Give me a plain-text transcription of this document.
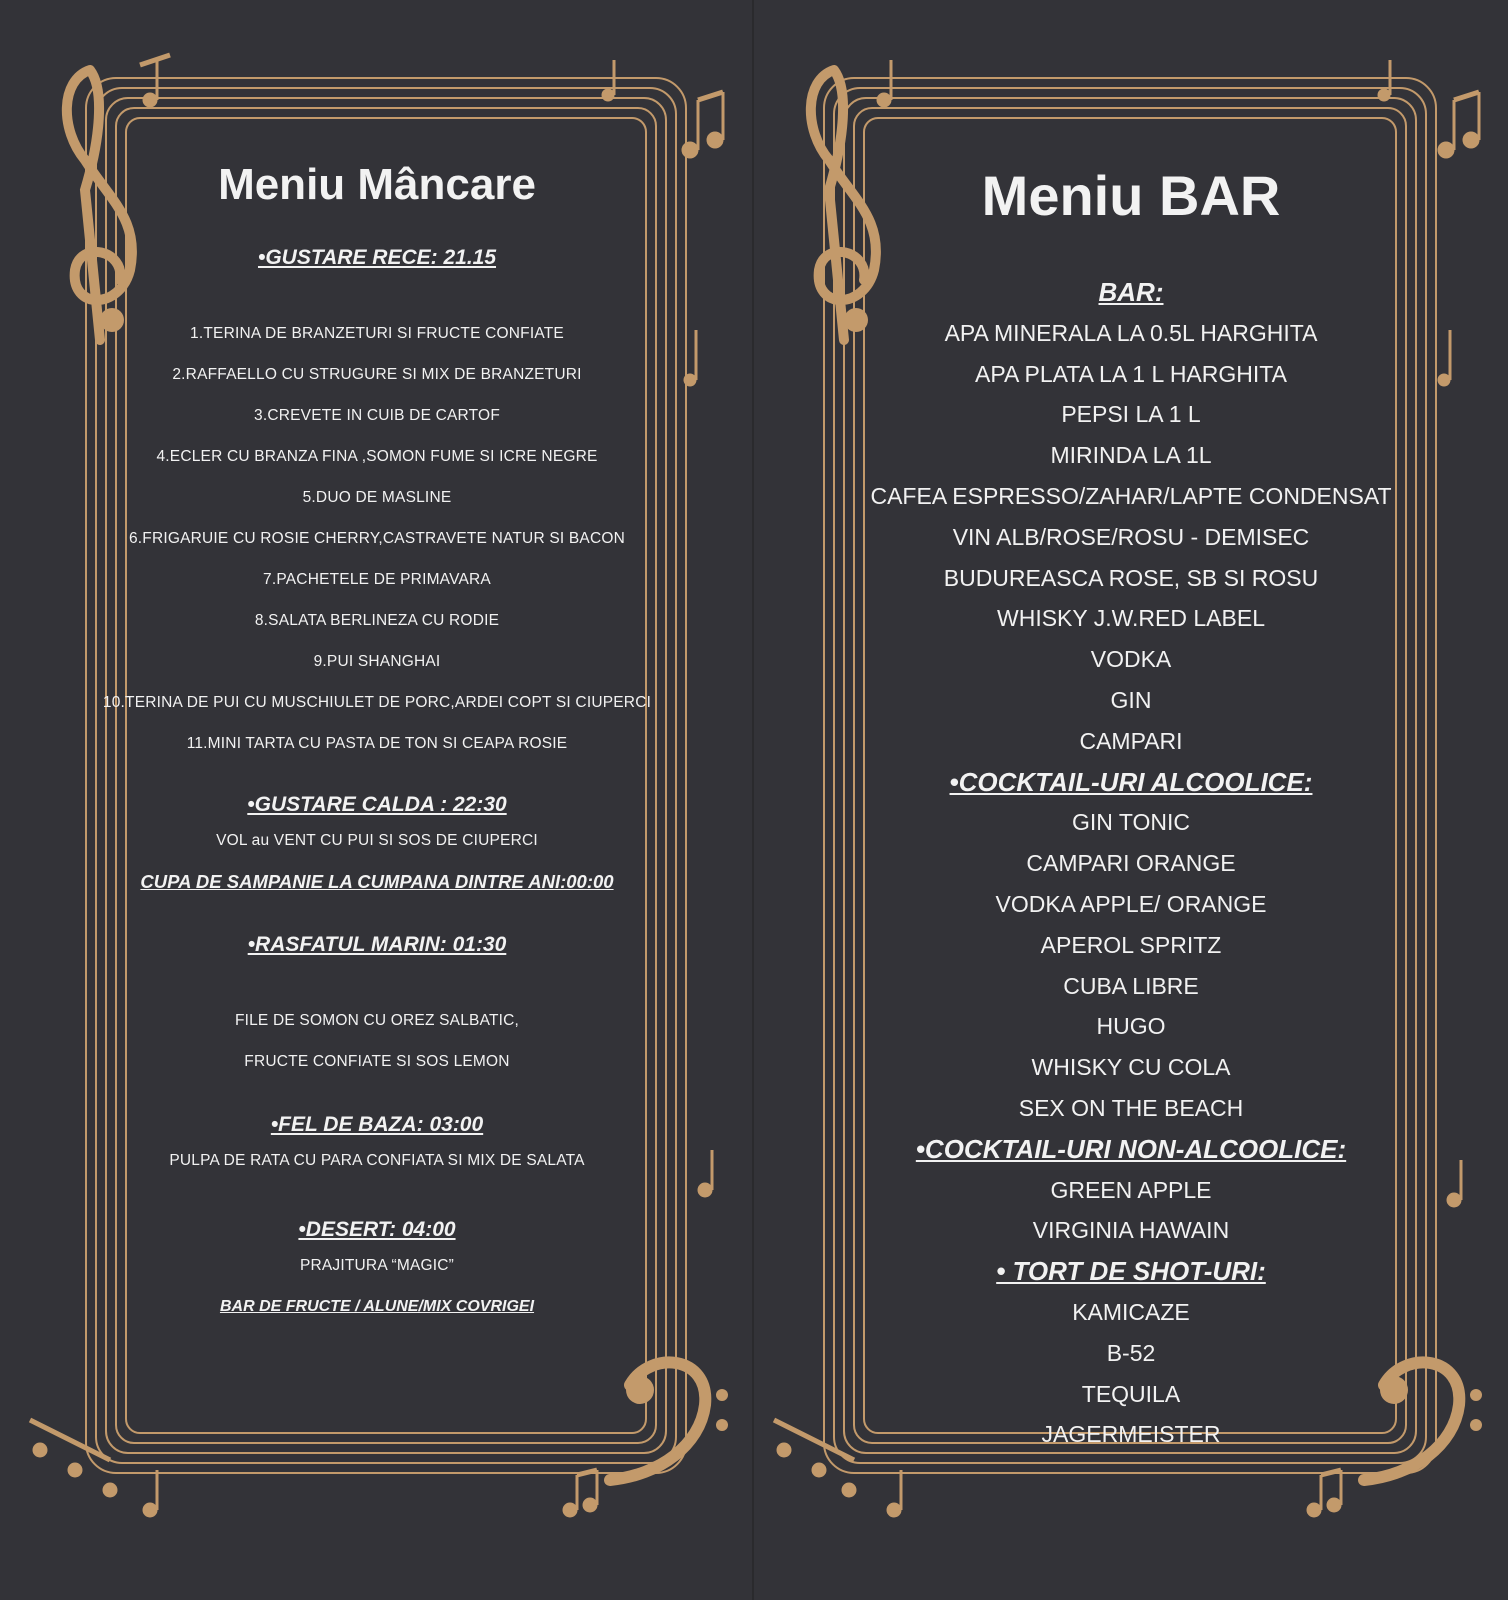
Meniu Mâncare
•GUSTARE RECE: 21.15
1.TERINA DE BRANZETURI SI FRUCTE CONFIATE
2.RAFFAELLO CU STRUGURE SI MIX DE BRANZETURI
3.CREVETE IN CUIB DE CARTOF
4.ECLER CU BRANZA FINA ,SOMON FUME SI ICRE NEGRE
5.DUO DE MASLINE
6.FRIGARUIE CU ROSIE CHERRY,CASTRAVETE NATUR SI BACON
7.PACHETELE DE PRIMAVARA
8.SALATA BERLINEZA CU RODIE
9.PUI SHANGHAI
10.TERINA DE PUI CU MUSCHIULET DE PORC,ARDEI COPT SI CIUPERCI
11.MINI TARTA CU PASTA DE TON SI CEAPA ROSIE
•GUSTARE CALDA : 22:30
VOL au VENT CU PUI SI SOS DE CIUPERCI
CUPA DE SAMPANIE LA CUMPANA DINTRE ANI:00:00
•RASFATUL MARIN: 01:30
FILE DE SOMON CU OREZ SALBATIC,
FRUCTE CONFIATE SI SOS LEMON
•FEL DE BAZA: 03:00
PULPA DE RATA CU PARA CONFIATA SI MIX DE SALATA
•DESERT: 04:00
PRAJITURA “MAGIC”
BAR DE FRUCTE / ALUNE/MIX COVRIGEI
Meniu BAR
BAR:
APA MINERALA LA 0.5L HARGHITA
APA PLATA LA 1 L HARGHITA
PEPSI LA 1 L
MIRINDA LA 1L
CAFEA ESPRESSO/ZAHAR/LAPTE CONDENSAT
VIN ALB/ROSE/ROSU - DEMISEC
BUDUREASCA ROSE, SB SI ROSU
WHISKY J.W.RED LABEL
VODKA
GIN
CAMPARI
•COCKTAIL-URI ALCOOLICE:
GIN TONIC
CAMPARI ORANGE
VODKA APPLE/ ORANGE
APEROL SPRITZ
CUBA LIBRE
HUGO
WHISKY CU COLA
SEX ON THE BEACH
•COCKTAIL-URI NON-ALCOOLICE:
GREEN APPLE
VIRGINIA HAWAIN
• TORT DE SHOT-URI:
KAMICAZE
B-52
TEQUILA
JAGERMEISTER
